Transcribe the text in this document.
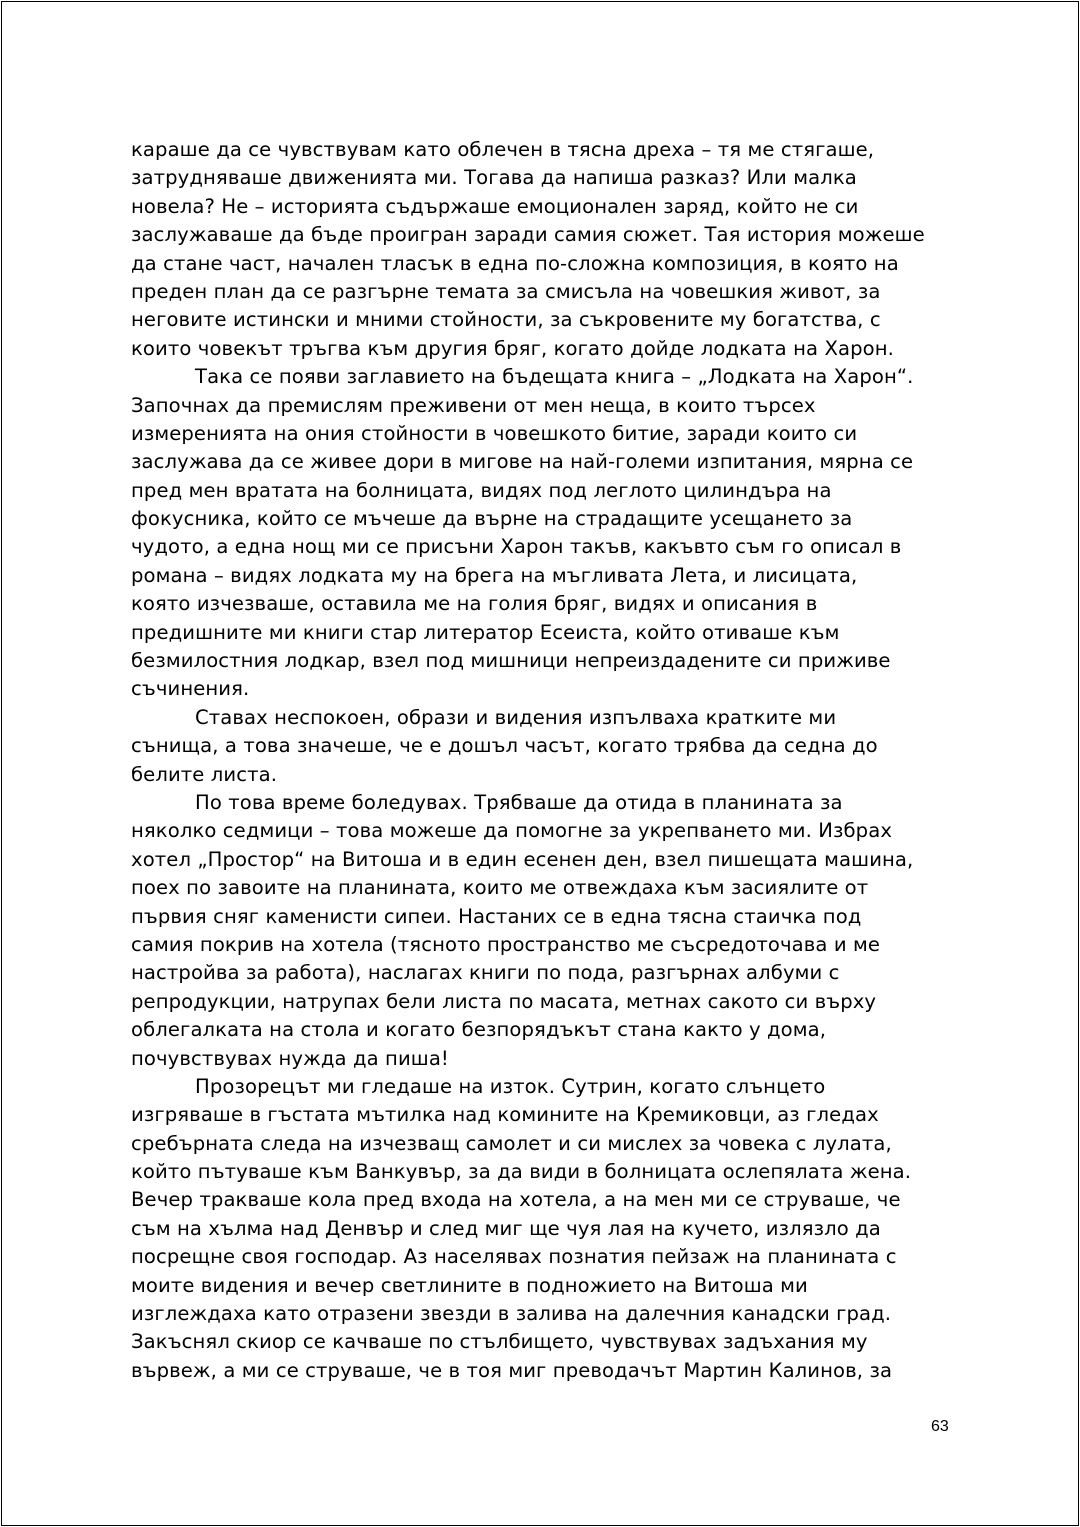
караше да се чувствувам като облечен в тясна дреха – тя ме стягаше,
затрудняваше движенията ми. Тогава да напиша разказ? Или малка
новела? Не – историята съдържаше емоционален заряд, който не си
заслужаваше да бъде проигран заради самия сюжет. Тая история можеше
да стане част, начален тласък в една по-сложна композиция, в която на
преден план да се разгърне темата за смисъла на човешкия живот, за
неговите истински и мними стойности, за съкровените му богатства, с
които човекът тръгва към другия бряг, когато дойде лодката на Харон.
Така се появи заглавието на бъдещата книга – „Лодката на Харон“.
Започнах да премислям преживени от мен неща, в които търсех
измеренията на ония стойности в човешкото битие, заради които си
заслужава да се живее дори в мигове на най-големи изпитания, мярна се
пред мен вратата на болницата, видях под леглото цилиндъра на
фокусника, който се мъчеше да върне на страдащите усещането за
чудото, а една нощ ми се присъни Харон такъв, какъвто съм го описал в
романа – видях лодката му на брега на мъгливата Лета, и лисицата,
която изчезваше, оставила ме на голия бряг, видях и описания в
предишните ми книги стар литератор Есеиста, който отиваше към
безмилостния лодкар, взел под мишници непреиздадените си приживе
съчинения.
Ставах неспокоен, образи и видения изпълваха кратките ми
сънища, а това значеше, че е дошъл часът, когато трябва да седна до
белите листа.
По това време боледувах. Трябваше да отида в планината за
няколко седмици – това можеше да помогне за укрепването ми. Избрах
хотел „Простор“ на Витоша и в един есенен ден, взел пишещата машина,
поех по завоите на планината, които ме отвеждаха към засиялите от
първия сняг каменисти сипеи. Настаних се в една тясна стаичка под
самия покрив на хотела (тясното пространство ме съсредоточава и ме
настройва за работа), наслагах книги по пода, разгърнах албуми с
репродукции, натрупах бели листа по масата, метнах сакото си върху
облегалката на стола и когато безпорядъкът стана както у дома,
почувствувах нужда да пиша!
Прозорецът ми гледаше на изток. Сутрин, когато слънцето
изгряваше в гъстата мътилка над комините на Кремиковци, аз гледах
сребърната следа на изчезващ самолет и си мислех за човека с лулата,
който пътуваше към Ванкувър, за да види в болницата ослепялата жена.
Вечер тракваше кола пред входа на хотела, а на мен ми се струваше, че
съм на хълма над Денвър и след миг ще чуя лая на кучето, излязло да
посрещне своя господар. Аз населявах познатия пейзаж на планината с
моите видения и вечер светлините в подножието на Витоша ми
изглеждаха като отразени звезди в залива на далечния канадски град.
Закъснял скиор се качваше по стълбището, чувствувах задъхания му
вървеж, а ми се струваше, че в тоя миг преводачът Мартин Калинов, за
63
